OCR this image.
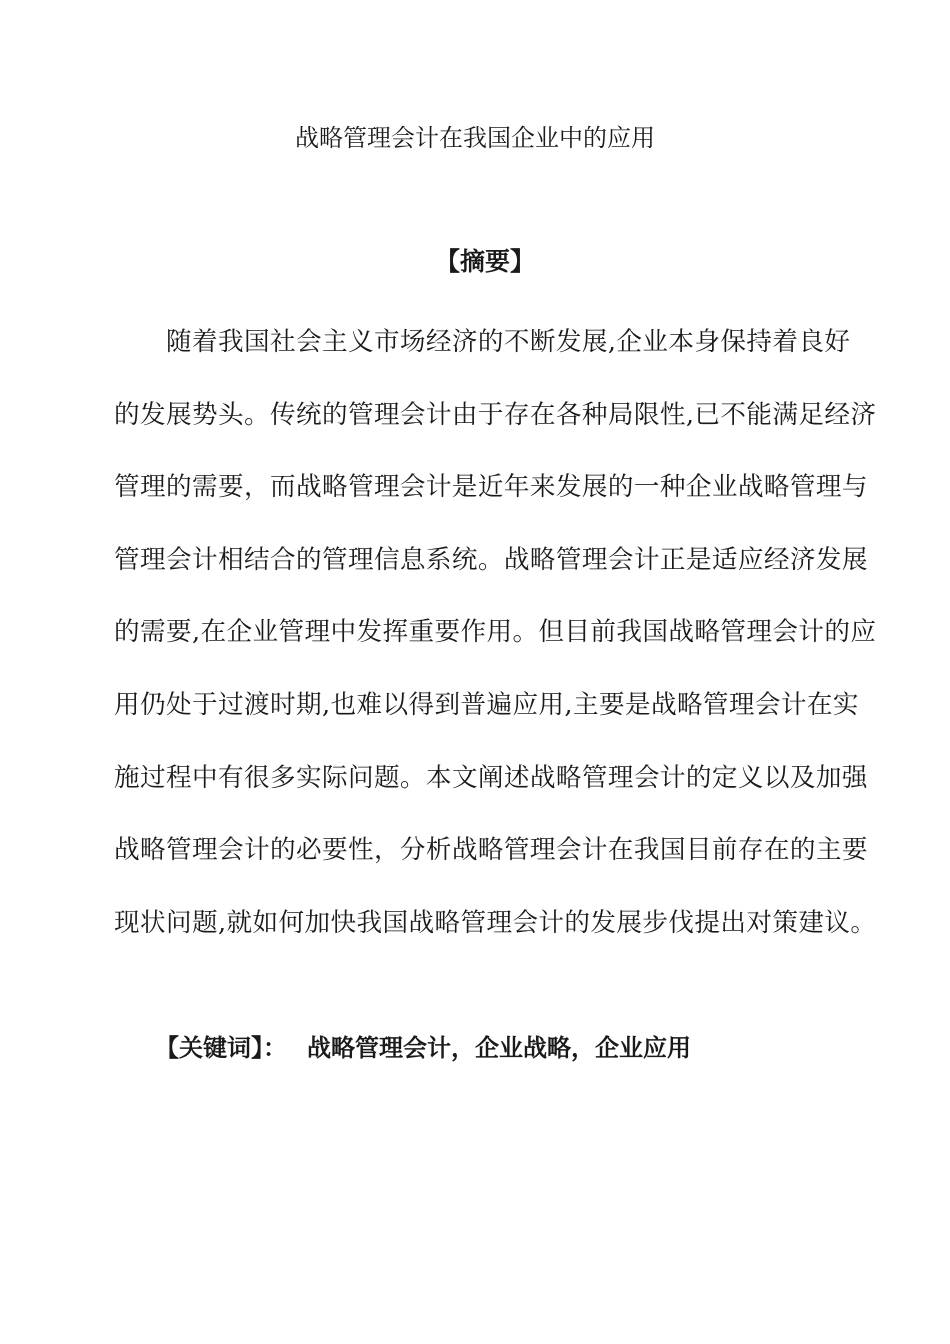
战略管理会计在我国企业中的应用
【摘要】
　　随着我国社会主义市场经济的不断发展,企业本身保持着良好
的发展势头。传统的管理会计由于存在各种局限性,已不能满足经济
管理的需要，而战略管理会计是近年来发展的一种企业战略管理与
管理会计相结合的管理信息系统。战略管理会计正是适应经济发展
的需要,在企业管理中发挥重要作用。但目前我国战略管理会计的应
用仍处于过渡时期,也难以得到普遍应用,主要是战略管理会计在实
施过程中有很多实际问题。本文阐述战略管理会计的定义以及加强
战略管理会计的必要性，分析战略管理会计在我国目前存在的主要
现状问题,就如何加快我国战略管理会计的发展步伐提出对策建议。
【关键词】： 战略管理会计，企业战略，企业应用
